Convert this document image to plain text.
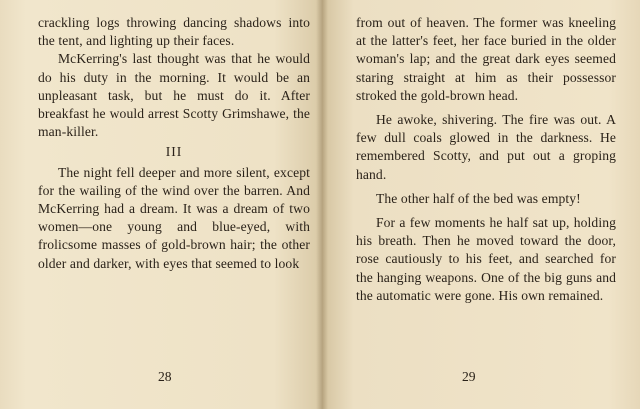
crackling logs throwing dancing shadows into the tent, and lighting up their faces.

McKerring's last thought was that he would do his duty in the morning. It would be an unpleasant task, but he must do it. After breakfast he would arrest Scotty Grimshawe, the man-killer.

III

The night fell deeper and more silent, except for the wailing of the wind over the barren. And McKerring had a dream. It was a dream of two women—one young and blue-eyed, with frolicsome masses of gold-brown hair; the other older and darker, with eyes that seemed to look

28

from out of heaven. The former was kneeling at the latter's feet, her face buried in the older woman's lap; and the great dark eyes seemed staring straight at him as their possessor stroked the gold-brown head.

He awoke, shivering. The fire was out. A few dull coals glowed in the darkness. He remembered Scotty, and put out a groping hand.

The other half of the bed was empty!

For a few moments he half sat up, holding his breath. Then he moved toward the door, rose cautiously to his feet, and searched for the hanging weapons. One of the big guns and the automatic were gone. His own remained.

29
